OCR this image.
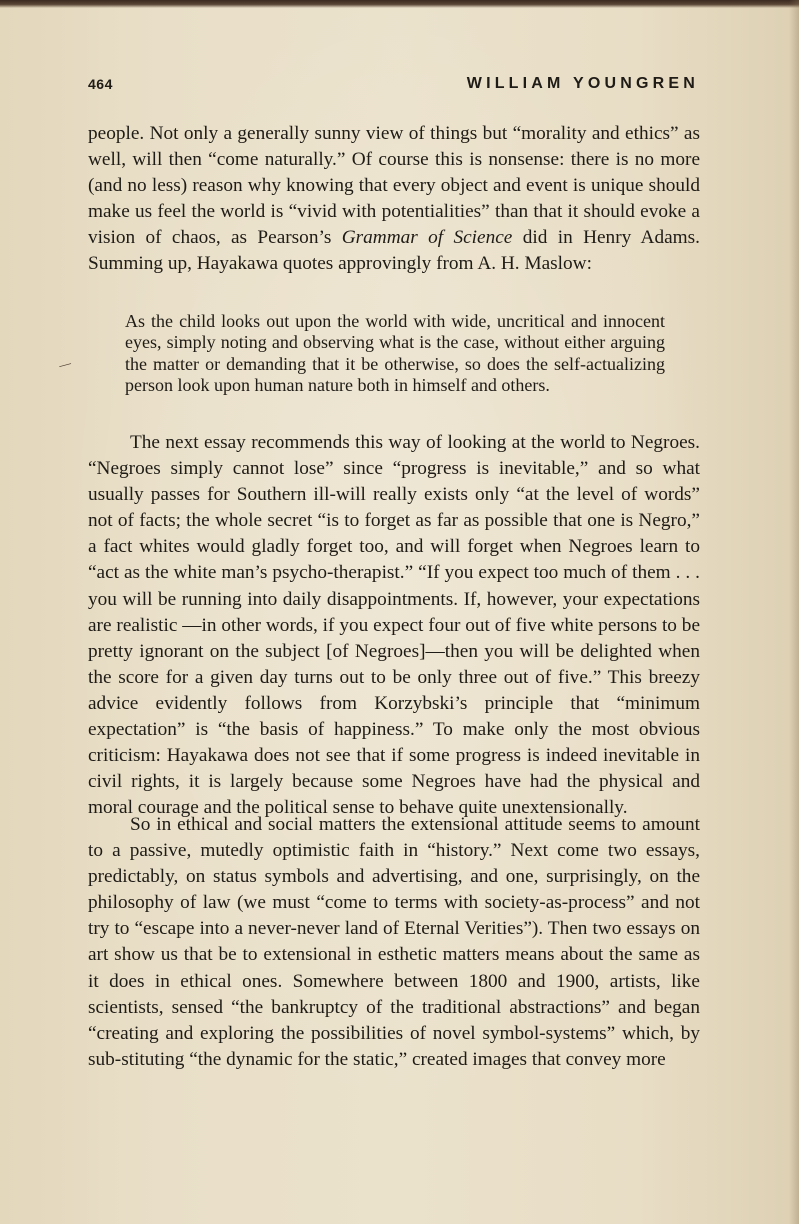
464	WILLIAM YOUNGREN

people. Not only a generally sunny view of things but “morality and ethics” as well, will then “come naturally.” Of course this is nonsense: there is no more (and no less) reason why knowing that every object and event is unique should make us feel the world is “vivid with potentialities” than that it should evoke a vision of chaos, as Pearson’s Grammar of Science did in Henry Adams. Summing up, Hayakawa quotes approvingly from A. H. Maslow:

—

As the child looks out upon the world with wide, uncritical and innocent eyes, simply noting and observing what is the case, without either arguing the matter or demanding that it be otherwise, so does the self-actualizing person look upon human nature both in himself and others.

The next essay recommends this way of looking at the world to Negroes. “Negroes simply cannot lose” since “progress is inevitable,” and so what usually passes for Southern ill-will really exists only “at the level of words” not of facts; the whole secret “is to forget as far as possible that one is Negro,” a fact whites would gladly forget too, and will forget when Negroes learn to “act as the white man’s psycho-therapist.” “If you expect too much of them . . . you will be running into daily disappointments. If, however, your expectations are realistic —in other words, if you expect four out of five white persons to be pretty ignorant on the subject [of Negroes]—then you will be delighted when the score for a given day turns out to be only three out of five.” This breezy advice evidently follows from Korzybski’s principle that “minimum expectation” is “the basis of happiness.” To make only the most obvious criticism: Hayakawa does not see that if some progress is indeed inevitable in civil rights, it is largely because some Negroes have had the physical and moral courage and the political sense to behave quite unextensionally.

So in ethical and social matters the extensional attitude seems to amount to a passive, mutedly optimistic faith in “history.” Next come two essays, predictably, on status symbols and advertising, and one, surprisingly, on the philosophy of law (we must “come to terms with society-as-process” and not try to “escape into a never-never land of Eternal Verities”). Then two essays on art show us that be to extensional in esthetic matters means about the same as it does in ethical ones. Somewhere between 1800 and 1900, artists, like scientists, sensed “the bankruptcy of the traditional abstractions” and began “creating and exploring the possibilities of novel symbol-systems” which, by sub-stituting “the dynamic for the static,” created images that convey more
